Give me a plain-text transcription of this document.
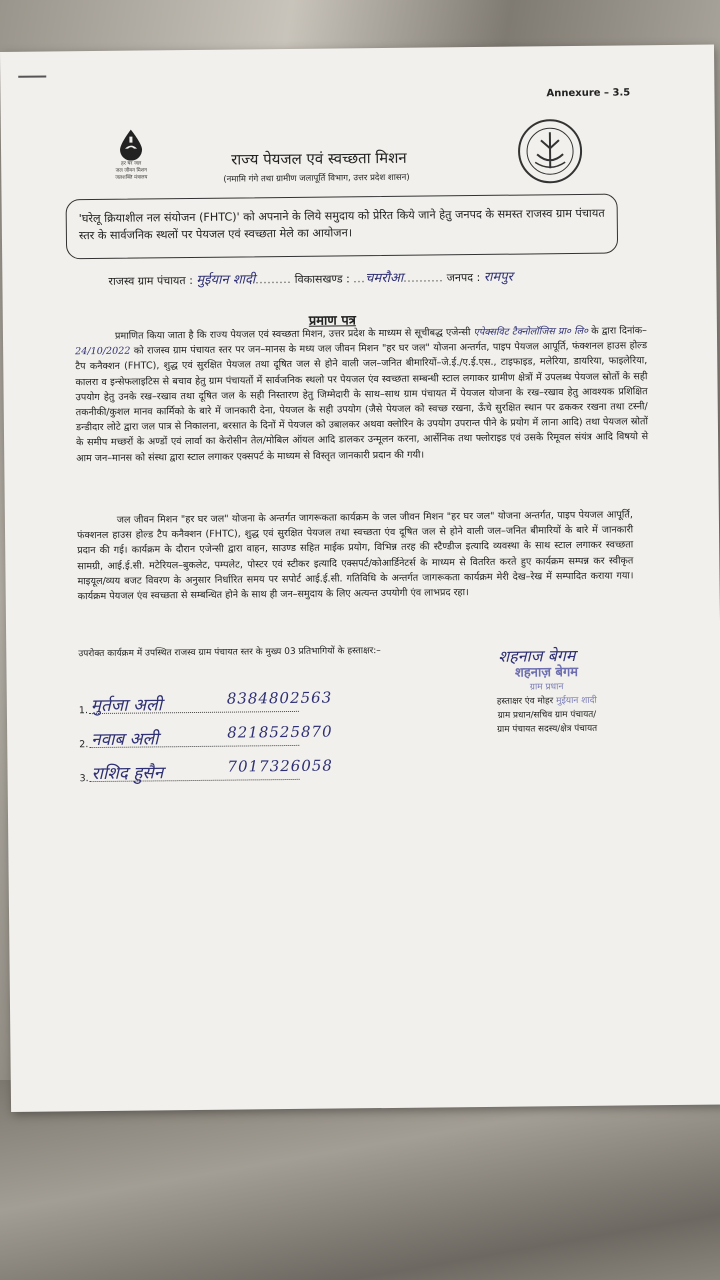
Annexure – 3.5
हर घर जल
जल जीवन मिशन
जलशक्ति मंत्रालय
राज्य पेयजल एवं स्वच्छता मिशन
(नमामि गंगे तथा ग्रामीण जलापूर्ति विभाग, उत्तर प्रदेश शासन)
'घरेलू क्रियाशील नल संयोजन (FHTC)' को अपनाने के लिये समुदाय को प्रेरित किये जाने हेतु जनपद के समस्त राजस्व ग्राम पंचायत स्तर के सार्वजनिक स्थलों पर पेयजल एवं स्वच्छता मेले का आयोजन।
राजस्व ग्राम पंचायत : मुईयान शादी......... विकासखण्ड : ...चमरौआ.......... जनपद : रामपुर
प्रमाण पत्र
प्रमाणित किया जाता है कि राज्य पेयजल एवं स्वच्छता मिशन, उत्तर प्रदेश के माध्यम से सूचीबद्ध एजेन्सी एपेक्सविट टैक्नोलॉजिस प्रा० लि० के द्वारा दिनांक–24/10/2022 को राजस्व ग्राम पंचायत स्तर पर जन–मानस के मध्य जल जीवन मिशन "हर घर जल" योजना अन्तर्गत, पाइप पेयजल आपूर्ति, फंक्शनल हाउस होल्ड टैप कनैक्शन (FHTC), शुद्ध एवं सुरक्षित पेयजल तथा दूषित जल से होने वाली जल–जनित बीमारियों–जे.ई./ए.ई.एस., टाइफाइड, मलेरिया, डायरिया, फाइलेरिया, कालरा व इन्सेफलाइटिस से बचाव हेतु ग्राम पंचायतों में सार्वजनिक स्थलो पर पेयजल एंव स्वच्छता सम्बन्धी स्टाल लगाकर ग्रामीण क्षेत्रों में उपलब्ध पेयजल स्रोतों के सही उपयोग हेतु उनके रख–रखाव तथा दूषित जल के सही निस्तारण हेतु जिम्मेदारी के साथ–साथ ग्राम पंचायत में पेयजल योजना के रख–रखाव हेतु आवश्यक प्रशिक्षित तकनीकी/कुशल मानव कार्मिको के बारे में जानकारी देना, पेयजल के सही उपयोग (जैसे पेयजल को स्वच्छ रखना, ऊँचे सुरक्षित स्थान पर ढककर रखना तथा टस्नी/डन्डीदार लोटे द्वारा जल पात्र से निकालना, बरसात के दिनों में पेयजल को उबालकर अथवा क्लोरिन के उपयोग उपरान्त पीने के प्रयोग में लाना आदि) तथा पेयजल स्रोतों के समीप मच्छरों के अण्डों एवं लार्वा का केरोसीन तेल/मोबिल ऑयल आदि डालकर उन्मूलन करना, आर्सेनिक तथा फ्लोराइड एवं उसके रिमूवल संयंत्र आदि विषयो से आम जन–मानस को संस्था द्वारा स्टाल लगाकर एक्सपर्ट के माध्यम से विस्तृत जानकारी प्रदान की गयी।
जल जीवन मिशन "हर घर जल" योजना के अन्तर्गत जागरूकता कार्यक्रम के जल जीवन मिशन "हर घर जल" योजना अन्तर्गत, पाइप पेयजल आपूर्ति, फंक्शनल हाउस होल्ड टैप कनैक्शन (FHTC), शुद्ध एवं सुरक्षित पेयजल तथा स्वच्छता एंव दूषित जल से होने वाली जल–जनित बीमारियों के बारे में जानकारी प्रदान की गई। कार्यक्रम के दौरान एजेन्सी द्वारा वाहन, साउण्ड सहित माईक प्रयोग, विभिन्न तरह की स्टैण्डीज इत्यादि व्यवस्था के साथ स्टाल लगाकर स्वच्छता सामग्री, आई.ई.सी. मटेरियल–बुकलेट, पम्पलेट, पोस्टर एवं स्टीकर इत्यादि एक्सपर्ट/कोआर्डिनेटर्स के माध्यम से वितरित करते हुए कार्यक्रम सम्पन्न कर स्वीकृत माइयूल/व्यय बजट विवरण के अनुसार निर्धारित समय पर सपोर्ट आई.ई.सी. गतिविधि के अन्तर्गत जागरूकता कार्यक्रम मेरी देख–रेख में सम्पादित कराया गया। कार्यक्रम पेयजल एंव स्वच्छता से सम्बन्धित होने के साथ ही जन–समुदाय के लिए अत्यन्त उपयोगी एंव लाभप्रद रहा।
उपरोक्त कार्यक्रम में उपस्थित राजस्व ग्राम पंचायत स्तर के मुख्य 03 प्रतिभागियों के हस्ताक्षर:–
1. मुर्तजा अली	8384802563
2. नवाब अली	8218525870
3. राशिद हुसैन	7017326058
शहनाज बेगम
शहनाज़ बेगम
ग्राम प्रधान
हस्ताक्षर एंव मोहर मुईयान शादी
ग्राम प्रधान/सचिव ग्राम पंचायत/
ग्राम पंचायत सदस्य/क्षेत्र पंचायत
